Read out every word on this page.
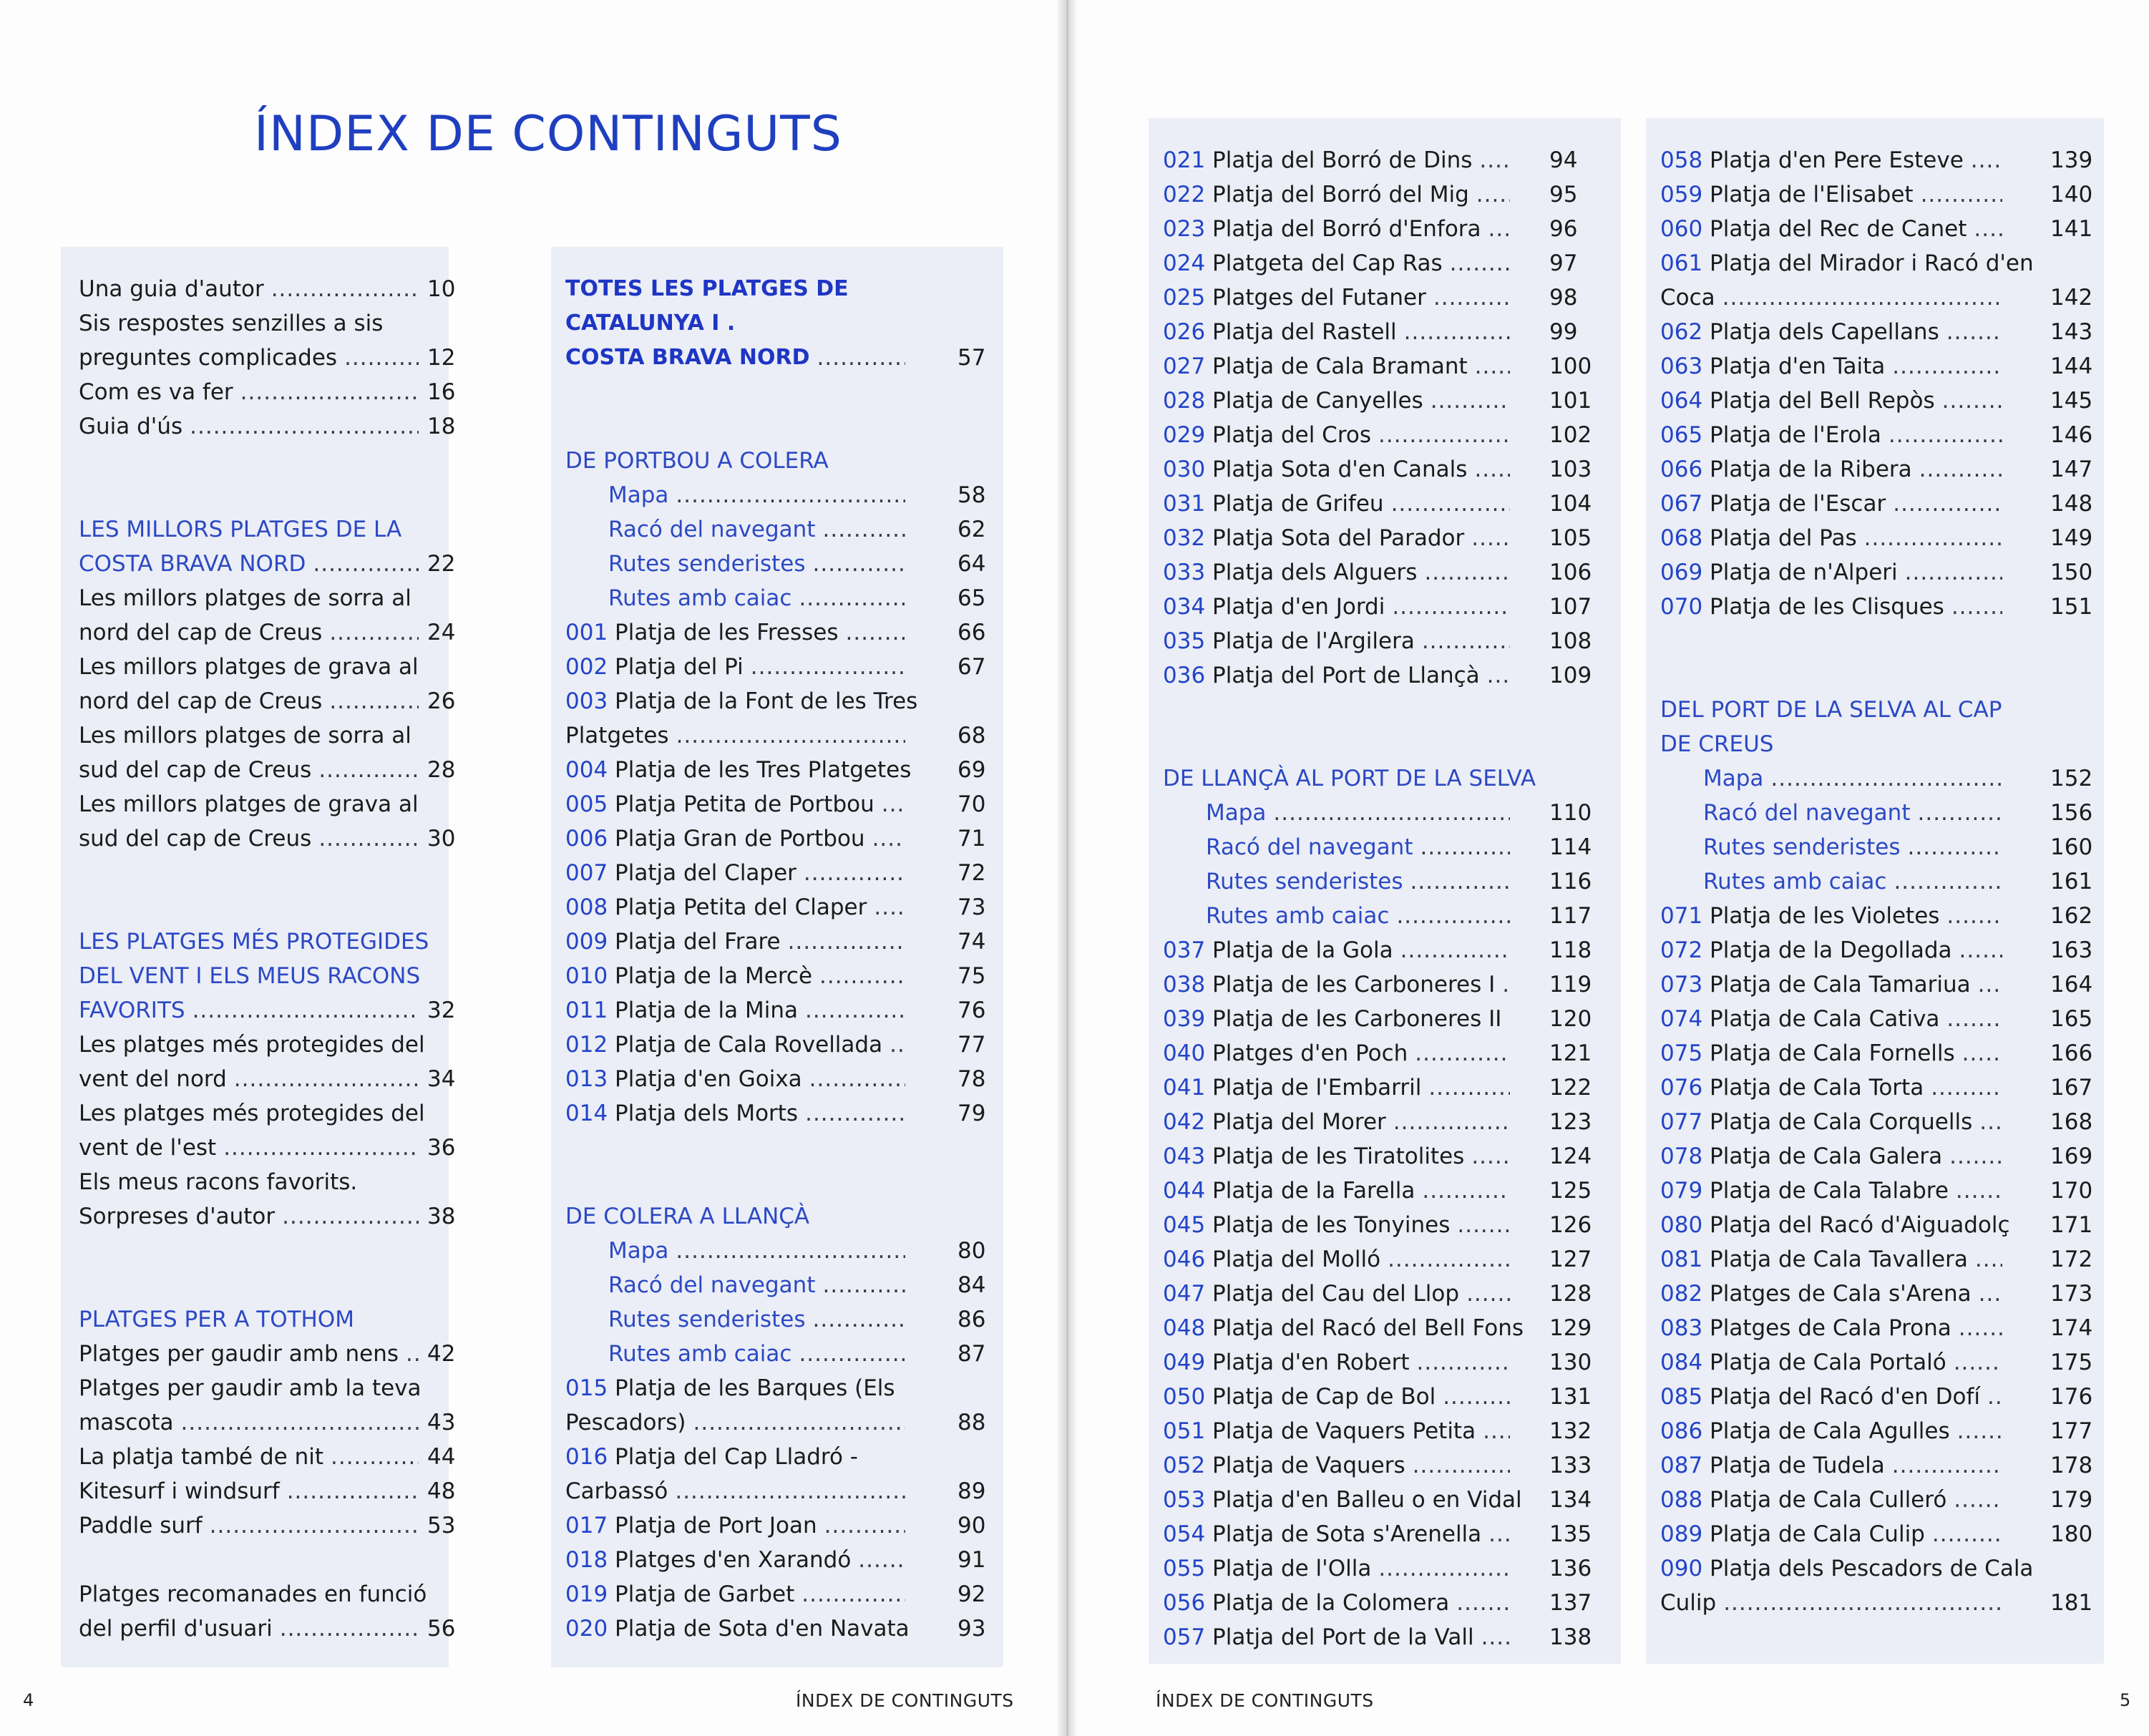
ÍNDEX DE CONTINGUTS
Una guia d'autor .....	10
Sis respostes senzilles a sis
preguntes complicades .....	12
Com es va fer .....	16
Guia d'ús .....	18
LES MILLORS PLATGES DE LA
COSTA BRAVA NORD .....	22
Les millors platges de sorra al
nord del cap de Creus .....	24
Les millors platges de grava al
nord del cap de Creus .....	26
Les millors platges de sorra al
sud del cap de Creus .....	28
Les millors platges de grava al
sud del cap de Creus .....	30
LES PLATGES MÉS PROTEGIDES
DEL VENT I ELS MEUS RACONS
FAVORITS .....	32
Les platges més protegides del
vent del nord .....	34
Les platges més protegides del
vent de l'est .....	36
Els meus racons favorits.
Sorpreses d'autor .....	38
PLATGES PER A TOTHOM
Platges per gaudir amb nens ..... 42
Platges per gaudir amb la teva
mascota .....	43
La platja també de nit .....	44
Kitesurf i windsurf .....	48
Paddle surf .....	53
Platges recomanades en funció
del perfil d'usuari .....	56
TOTES LES PLATGES DE
CATALUNYA I .
COSTA BRAVA NORD .....	57
DE PORTBOU A COLERA
Mapa .....	58
Racó del navegant .....	62
Rutes senderistes .....	64
Rutes amb caiac .....	65
001 Platja de les Fresses .....	66
002 Platja del Pi .....	67
003 Platja de la Font de les Tres
Platgetes .....	68
004 Platja de les Tres Platgetes 69
005 Platja Petita de Portbou .....	70
006 Platja Gran de Portbou .....	71
007 Platja del Claper .....	72
008 Platja Petita del Claper .....	73
009 Platja del Frare .....	74
010 Platja de la Mercè .....	75
011 Platja de la Mina .....	76
012 Platja de Cala Rovellada .....	77
013 Platja d'en Goixa .....	78
014 Platja dels Morts .....	79
DE COLERA A LLANÇÀ
Mapa .....	80
Racó del navegant .....	84
Rutes senderistes .....	86
Rutes amb caiac .....	87
015 Platja de les Barques (Els
Pescadors) .....	88
016 Platja del Cap Lladró -
Carbassó .....	89
017 Platja de Port Joan .....	90
018 Platges d'en Xarandó .....	91
019 Platja de Garbet .....	92
020 Platja de Sota d'en Navata 93
021 Platja del Borró de Dins .....	94
022 Platja del Borró del Mig .....	95
023 Platja del Borró d'Enfora .....	96
024 Platgeta del Cap Ras .....	97
025 Platges del Futaner .....	98
026 Platja del Rastell .....	99
027 Platja de Cala Bramant .....	100
028 Platja de Canyelles .....	101
029 Platja del Cros .....	102
030 Platja Sota d'en Canals .....	103
031 Platja de Grifeu .....	104
032 Platja Sota del Parador .....	105
033 Platja dels Alguers .....	106
034 Platja d'en Jordi .....	107
035 Platja de l'Argilera .....	108
036 Platja del Port de Llançà .....	109
DE LLANÇÀ AL PORT DE LA SELVA
Mapa .....	110
Racó del navegant .....	114
Rutes senderistes .....	116
Rutes amb caiac .....	117
037 Platja de la Gola .....	118
038 Platja de les Carboneres I ..... 119
039 Platja de les Carboneres II 120
040 Platges d'en Poch .....	121
041 Platja de l'Embarril .....	122
042 Platja del Morer .....	123
043 Platja de les Tiratolites .....	124
044 Platja de la Farella .....	125
045 Platja de les Tonyines .....	126
046 Platja del Molló .....	127
047 Platja del Cau del Llop .....	128
048 Platja del Racó del Bell Fons 129
049 Platja d'en Robert .....	130
050 Platja de Cap de Bol .....	131
051 Platja de Vaquers Petita .....	132
052 Platja de Vaquers .....	133
053 Platja d'en Balleu o en Vidal 134
054 Platja de Sota s'Arenella .....	135
055 Platja de l'Olla .....	136
056 Platja de la Colomera .....	137
057 Platja del Port de la Vall .....	138
058 Platja d'en Pere Esteve .....	139
059 Platja de l'Elisabet .....	140
060 Platja del Rec de Canet .....	141
061 Platja del Mirador i Racó d'en
Coca .....	142
062 Platja dels Capellans .....	143
063 Platja d'en Taita .....	144
064 Platja del Bell Repòs .....	145
065 Platja de l'Erola .....	146
066 Platja de la Ribera .....	147
067 Platja de l'Escar .....	148
068 Platja del Pas .....	149
069 Platja de n'Alperi .....	150
070 Platja de les Clisques .....	151
DEL PORT DE LA SELVA AL CAP
DE CREUS
Mapa .....	152
Racó del navegant .....	156
Rutes senderistes .....	160
Rutes amb caiac .....	161
071 Platja de les Violetes .....	162
072 Platja de la Degollada .....	163
073 Platja de Cala Tamariua .....	164
074 Platja de Cala Cativa .....	165
075 Platja de Cala Fornells .....	166
076 Platja de Cala Torta .....	167
077 Platja de Cala Corquells .....	168
078 Platja de Cala Galera .....	169
079 Platja de Cala Talabre .....	170
080 Platja del Racó d'Aiguadolç 171
081 Platja de Cala Tavallera .....	172
082 Platges de Cala s'Arena .....	173
083 Platges de Cala Prona .....	174
084 Platja de Cala Portaló .....	175
085 Platja del Racó d'en Dofí .....	176
086 Platja de Cala Agulles .....	177
087 Platja de Tudela .....	178
088 Platja de Cala Culleró .....	179
089 Platja de Cala Culip .....	180
090 Platja dels Pescadors de Cala
Culip .....	181
4	ÍNDEX DE CONTINGUTS	ÍNDEX DE CONTINGUTS	5
